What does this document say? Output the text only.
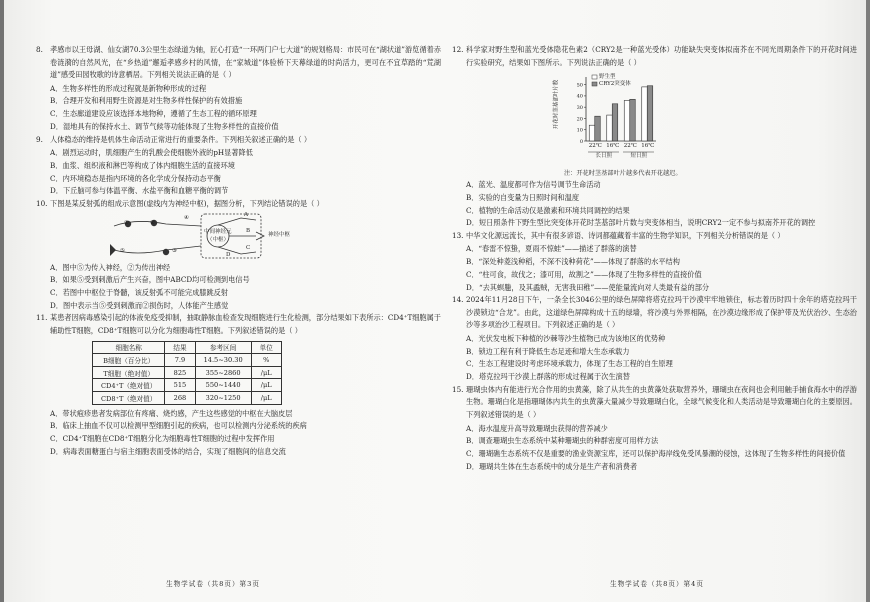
8. 孝感市以王母湖、仙女湖70.3公里生态绿道为轴，匠心打造“一环两门户七大道”的规划格局：市民可在“湖状道”游览循着赤卷涟漪的自然风光，在“乡热道”邂逅孝感乡村的风情，在“家城道”体验桥下天幕绿道的时尚活力，更可在不宜草踏的“荒湖道”感受田园牧歌的诗意栖居。下列相关说法正确的是（ ）
A．生物多样性的形成过程就是新物种形成的过程
B．合理开发和利用野生资源是对生物多样性保护的有效措施
C．生态廊道建设应该选择本地物种，遵循了生态工程的循环原理
D．湿地具有的保持水土、调节气候等功能体现了生物多样性的直接价值
9. 人体稳态的维持是机体生命活动正常进行的重要条件。下列相关叙述正确的是（ ）
A．剧烈运动时，肌细胞产生的乳酸会使细胞外液的pH显著降低
B．血浆、组织液和淋巴等构成了体内细胞生活的直接环境
C．内环境稳态是指内环境的各化学成分保持动态平衡
D．下丘脑可参与体温平衡、水盐平衡和血糖平衡的调节
10. 下图是某反射弧的组成示意图(虚线内为神经中枢)，据图分析，下列结论错误的是（ ）
①	②
③
④
⑤
A
B
C
D
中间神经元
（中枢）
神经中枢
A．图中⑤为传入神经，②为传出神经
B．如果⑤受到刺激后产生兴奋，图中ABCD均可检测到电信号
C．若图中中枢位于脊髓，该反射弧不可能完成膝跳反射
D．图中表示当⑤受到刺激而②损伤时，人体能产生感觉
11. 某患者因病毒感染引起的体液免疫受抑制，抽取静脉血检查发现细胞进行生化检测，部分结果如下表所示：CD4⁺T细胞属于辅助性T细胞，CD8⁺T细胞可以分化为细胞毒性T细胞。下列叙述错误的是（ ）
细胞名称	结果	参考区间	单位
B细胞（百分比）	7.9	14.5~30.30	%
T细胞（绝对值）	825	355~2860	/μL
CD4⁺T（绝对值）	515	550~1440	/μL
CD8⁺T（绝对值）	268	320~1250	/μL
A．带状疱疹患者发病部位有疼痛、烧灼感，产生这些感觉的中枢在大脑皮层
B．临床上抽血不仅可以检测甲型细胞引起的疾病，也可以检测内分泌系统的疾病
C．CD4⁺T细胞在CD8⁺T细胞分化为细胞毒性T细胞的过程中发挥作用
D．病毒表面糖蛋白与宿主细胞表面受体的结合，实现了细胞间的信息交流
生物学试卷（共8页）第3页
12. 科学家对野生型和蓝光受体隐花色素2（CRY2是一种蓝光受体）功能缺失突变体拟南芥在不同光周期条件下的开花时间进行实验研究，结果如下图所示。下列说法正确的是（ ）
0
10
20
30
40
50
野生型
CRY2突变体
开花时茎基部叶片数
22℃ 16℃ 22℃ 16℃
长日照	短日照
注：开花时茎基部叶片越多代表开花越迟。
A．蓝光、温度都可作为信号调节生命活动
B．实验的自变量为日照时间和温度
C．植物的生命活动仅是激素和环境共同调控的结果
D．短日照条件下野生型比突变体开花时茎基部叶片数与突变体相当，说明CRY2一定不参与拟南芥开花的调控
13. 中华文化源远流长，其中有很多谚语、诗词都蕴藏着丰富的生物学知识，下列相关分析错误的是（ ）
A．“春雷不惊蛰，夏雨不惊蛙”——描述了群落的演替
B．“深处种菱浅种稻，不深不浅种荷花”——体现了群落的水平结构
C．“柱可食，故伐之；漆可用，故割之”——体现了生物多样性的直接价值
D．“去其螟螣，及其蟊贼，无害我田稚”——使能量流向对人类最有益的部分
14. 2024年11月28日下午，一条全长3046公里的绿色屏障将塔克拉玛干沙漠牢牢地锁住，标志着历时四十余年的塔克拉玛干沙漠锁边“合龙”。由此，这道绿色屏障构成十五的绿墙，将沙漠与外界相隔，在沙漠边缘形成了保护带及光伏治沙、生态治沙等多项治沙工程项目。下列叙述正确的是（ ）
A．光伏发电板下种植的沙棘等沙生植物已成为该地区的优势种
B．锁边工程有利于降低生态足迹和增大生态承载力
C．生态工程建设时考虑环境承载力，体现了生态工程的自生原理
D．塔克拉玛干沙漠上群落的形成过程属于次生演替
15. 珊瑚虫体内有能进行光合作用的虫黄藻，除了从共生的虫黄藻处获取营养外，珊瑚虫在夜间也会利用触手捕食海水中的浮游生物。珊瑚白化是指珊瑚体内共生的虫黄藻大量减少导致珊瑚白化，全球气候变化和人类活动是导致珊瑚白化的主要原因。下列叙述错误的是（ ）
A．海水温度升高导致珊瑚虫获得的营养减少
B．调查珊瑚虫生态系统中某种珊瑚虫的种群密度可用样方法
C．珊瑚礁生态系统不仅是重要的渔业资源宝库，还可以保护海岸线免受风暴潮的侵蚀，这体现了生物多样性的间接价值
D．珊瑚共生体在生态系统中的成分是生产者和消费者
生物学试卷（共8页）第4页
